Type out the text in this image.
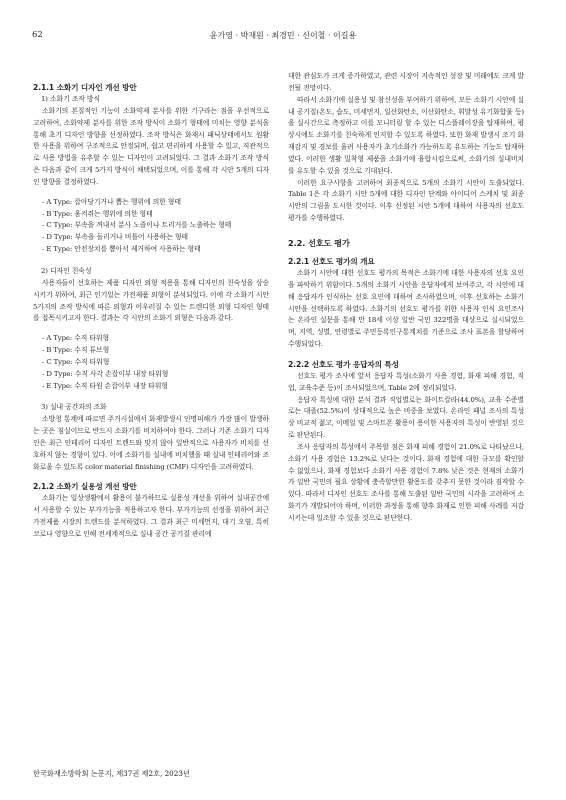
62	윤가영 · 박재원 · 최경민 · 신이철 · 이길용
2.1.1 소화기 디자인 개선 방안
1) 소화기 조작 방식

소화기의 본질적인 기능이 소화약제 분사를 위한 기구라는 점을 우선적으로 고려하여, 소화약제 분사를 위한 조작 방식이 소화기 형태에 미치는 영향 분석을 통해 초기 디자인 방향을 선정하였다. 조작 방식은 화재시 패닉상태에서도 원활한 사용을 위하여 구조적으로 안정되며, 쉽고 편리하게 사용할 수 있고, 직관적으로 사용 방법을 유추할 수 있는 디자인이 고려되었다. 그 결과 소화기 조작 방식은 다음과 같이 크게 5가지 방식이 채택되었으며, 이를 통해 각 시안 5개의 디자인 방향을 결정하였다.

- A Type: 잡아당기거나 뽑는 행위에 의한 형태
- B Type: 움켜쥐는 행위에 의한 형태
- C Type: 부속을 꺼내서 분사 노즐이나 트리거를 노출하는 형태
- D Type: 부속을 돌리거나 비틀어 사용하는 형태
- E Type: 안전장치를 뽑아서 제거하여 사용하는 형태
2) 디자인 친숙성

사용자들이 선호하는 제품 디자인 외형 적용을 통해 디자인의 친숙성을 상승시키기 위하여, 최근 인기있는 가전제품 외형이 분석되었다. 이에 각 소화기 시안 5가지의 조작 방식에 따른 외형과 어우러질 수 있는 트렌디한 외형 디자인 형태를 접목시키고자 한다. 결과는 각 시안의 소화기 외형은 다음과 같다.

- A Type: 수직 타워형
- B Type: 수직 튜브형
- C Type: 수직 타워형
- D Type: 수직 사각 손잡이부 내장 타워형
- E Type: 수직 타원 손잡이부 내장 타워형
3) 실내 공간과의 조화

소방청 통계에 따르면 주거시설에서 화재발생시 인명피해가 가장 많이 발생하는 곳은 침실이므로 반드시 소화기를 비치하여야 한다. 그러나 기존 소화기 디자인은 최근 인테리어 디자인 트렌드와 맞지 않아 일반적으로 사용자가 비치를 선호하지 않는 경향이 있다. 이에 소화기를 실내에 비치했을 때 실내 인테리어와 조화로울 수 있도록 color material finishing (CMF) 디자인을 고려하였다.

2.1.2 소화기 실용성 개선 방안

소화기는 일상생활에서 활용이 불가하므로 실용성 개선을 위하여 실내공간에서 사용할 수 있는 부가기능을 적용하고자 한다. 부가기능의 선정을 위하여 최근 가전제품 시장의 트렌드를 분석하였다. 그 결과 최근 미세먼지, 대기 오염, 특히 코로나 영향으로 인해 전세계적으로 실내 공간 공기질 관리에

대한 관심도가 크게 증가하였고, 관련 시장이 지속적인 성장 및 미래에도 크게 발전될 전망이다.

따라서 소화기에 실용성 및 참신성을 부여하기 위하여, 모든 소화기 시안에 실내 공기질(온도, 습도, 미세먼지, 일산화탄소, 이산화탄소, 휘발성 유기화합물 등)을 실시간으로 측정하고 이를 모니터링 할 수 있는 디스플레이장을 탑재하여, 평상시에도 소화기를 친숙하게 인지할 수 있도록 하였다. 또한 화재 발생시 조기 화재감지 및 경보를 울려 사용자가 초기소화가 가능하도록 유도하는 기능도 탑재하였다. 이러한 생활 밀착형 제품을 소화기에 융합시킴으로써, 소화기의 실내비치를 유도할 수 있을 것으로 기대된다.

이러한 요구사항을 고려하여 최종적으로 5개의 소화기 시안이 도출되었다. Table 1은 각 소화기 시안 5개에 대한 디자인 단계와 아이디어 스케치 및 최종 시안의 그림을 도시한 것이다. 이후 선정된 시안 5개에 대하여 사용자의 선호도 평가를 수행하였다.

2.2. 선호도 평가
2.2.1 선호도 평가의 개요

소화기 시안에 대한 선호도 평가의 목적은 소화기에 대한 사용자의 선호 요인을 파악하기 위함이다. 5개의 소화기 시안을 응답자에게 보여주고, 각 시안에 대해 응답자가 인식하는 선호 요인에 대하여 조사하였으며, 이후 선호하는 소화기 시안을 선택하도록 하였다. 소화기의 선호도 평가를 위한 사용자 인식 요인조사는 온라인 설문을 통해 만 18세 이상 일반 국민 322명을 대상으로 실시되었으며, 지역, 성별, 연령별로 주민등록인구통계치를 기준으로 조사 표본을 할당하여 수행되었다.

2.2.2 선호도 평가 응답자의 특성

선호도 평가 조사에 앞서 응답자 특성(소화기 사용 경험, 화재 피해 경험, 직업, 교육수준 등)이 조사되었으며, Table 2에 정리되었다.

응답자 특성에 대한 분석 결과 직업별로는 화이트칼라(44.0%), 교육 수준별로는 대졸(52.5%)이 상대적으로 높은 비중을 보였다. 온라인 패널 조사의 특성상 비교적 젊고, 이메일 및 스마트폰 활용이 용이한 사용자의 특성이 반영된 것으로 판단된다.

조사 응답자의 특성에서 주목할 점은 화재 피해 경험이 21.0%로 나타났으나, 소화기 사용 경험은 13.2%로 낮다는 것이다. 화재 경험에 대한 규모를 확인할 수 없었으나, 화재 경험보다 소화기 사용 경험이 7.8% 낮은 것은 현재의 소화기가 일반 국민의 필요 상황에 충족할만한 활용도를 갖추지 못한 것이라 짐작할 수 있다. 따라서 디자인 선호도 조사를 통해 도출된 일반 국민의 시각을 고려하여 소화기가 개발되어야 하며, 이러한 과정을 통해 향후 화재로 인한 피해 사례를 저감시키는데 일조할 수 있을 것으로 판단한다.

한국화재소방학회 논문지, 제37권 제2호, 2023년
